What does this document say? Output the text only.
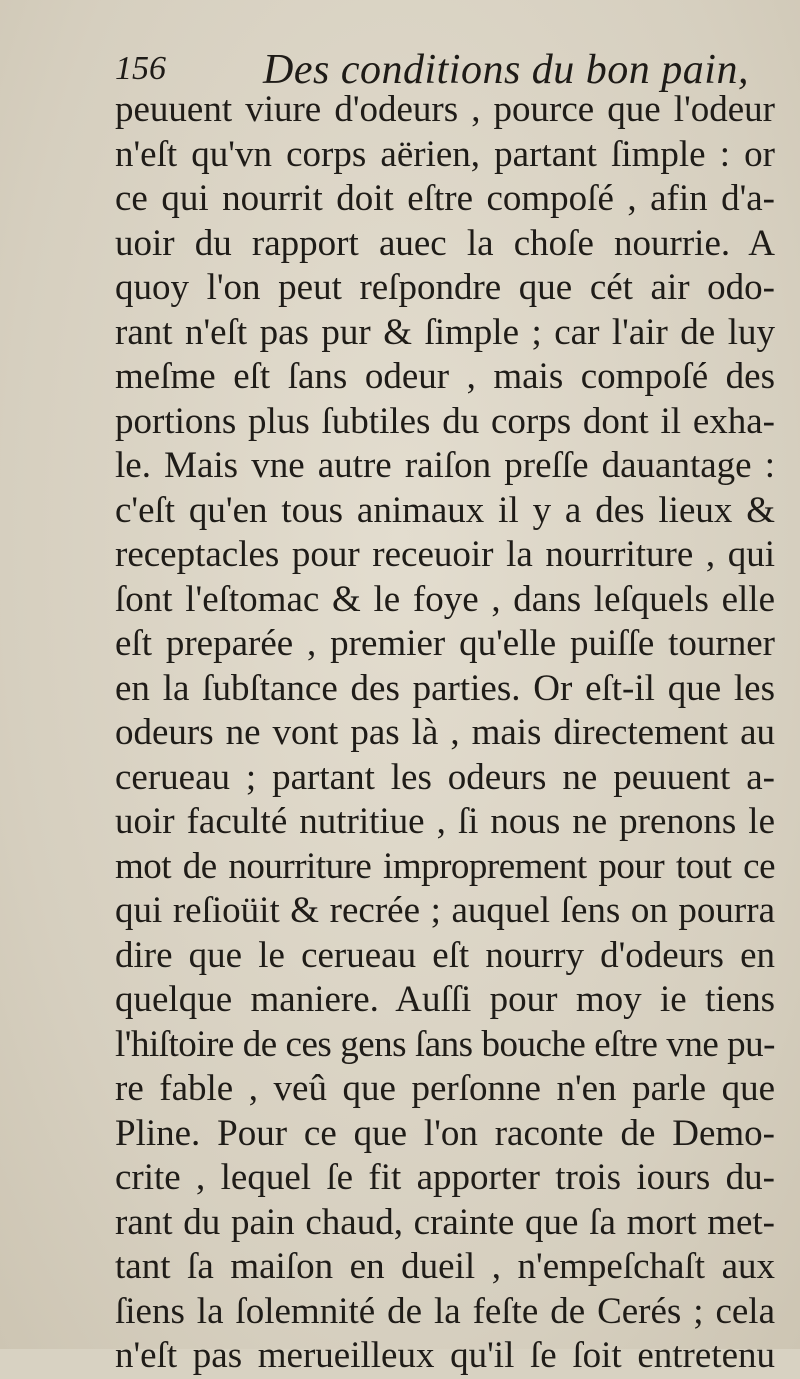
156 Des conditions du bon pain,
peuuent viure d'odeurs , pource que l'odeur
n'eſt qu'vn corps aërien, partant ſimple : or
ce qui nourrit doit eſtre compoſé , afin d'a-
uoir du rapport auec la choſe nourrie. A
quoy l'on peut reſpondre que cét air odo-
rant n'eſt pas pur & ſimple ; car l'air de luy
meſme eſt ſans odeur , mais compoſé des
portions plus ſubtiles du corps dont il exha-
le. Mais vne autre raiſon preſſe dauantage :
c'eſt qu'en tous animaux il y a des lieux &
receptacles pour receuoir la nourriture , qui
ſont l'eſtomac & le foye , dans leſquels elle
eſt preparée , premier qu'elle puiſſe tourner
en la ſubſtance des parties. Or eſt-il que les
odeurs ne vont pas là , mais directement au
cerueau ; partant les odeurs ne peuuent a-
uoir faculté nutritiue , ſi nous ne prenons le
mot de nourriture improprement pour tout ce
qui reſioüit & recrée ; auquel ſens on pourra
dire que le cerueau eſt nourry d'odeurs en
quelque maniere. Auſſi pour moy ie tiens
l'hiſtoire de ces gens ſans bouche eſtre vne pu-
re fable , veû que perſonne n'en parle que
Pline. Pour ce que l'on raconte de Demo-
crite , lequel ſe fit apporter trois iours du-
rant du pain chaud, crainte que ſa mort met-
tant ſa maiſon en dueil , n'empeſchaſt aux
ſiens la ſolemnité de la feſte de Cerés ; cela
n'eſt pas merueilleux qu'il ſe ſoit entretenu
